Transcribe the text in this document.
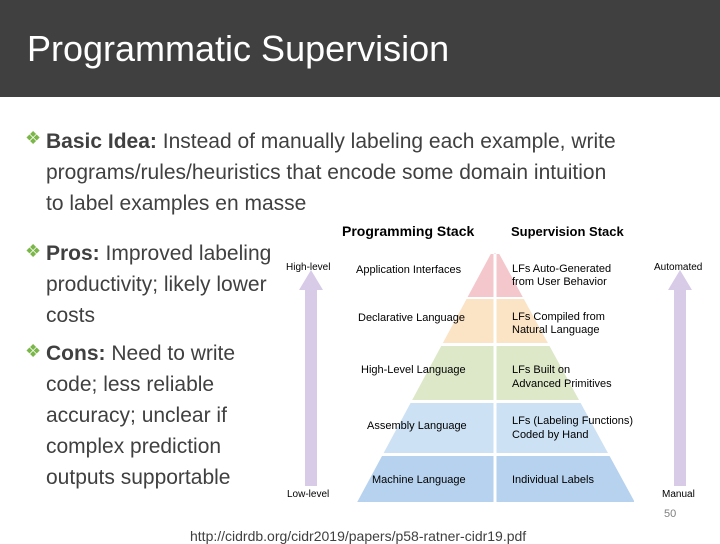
Programmatic Supervision
❖ Basic Idea: Instead of manually labeling each example, write
programs/rules/heuristics that encode some domain intuition
to label examples en masse
❖ Pros: Improved labeling
productivity; likely lower
costs
❖ Cons: Need to write
code; less reliable
accuracy; unclear if
complex prediction
outputs supportable
Programming Stack	Supervision Stack
High-level
Low-level
Automated
Manual
Application Interfaces
Declarative Language
High-Level Language
Assembly Language
Machine Language
LFs Auto-Generated
from User Behavior
LFs Compiled from
Natural Language
LFs Built on
Advanced Primitives
LFs (Labeling Functions)
Coded by Hand
Individual Labels
50
http://cidrdb.org/cidr2019/papers/p58-ratner-cidr19.pdf
